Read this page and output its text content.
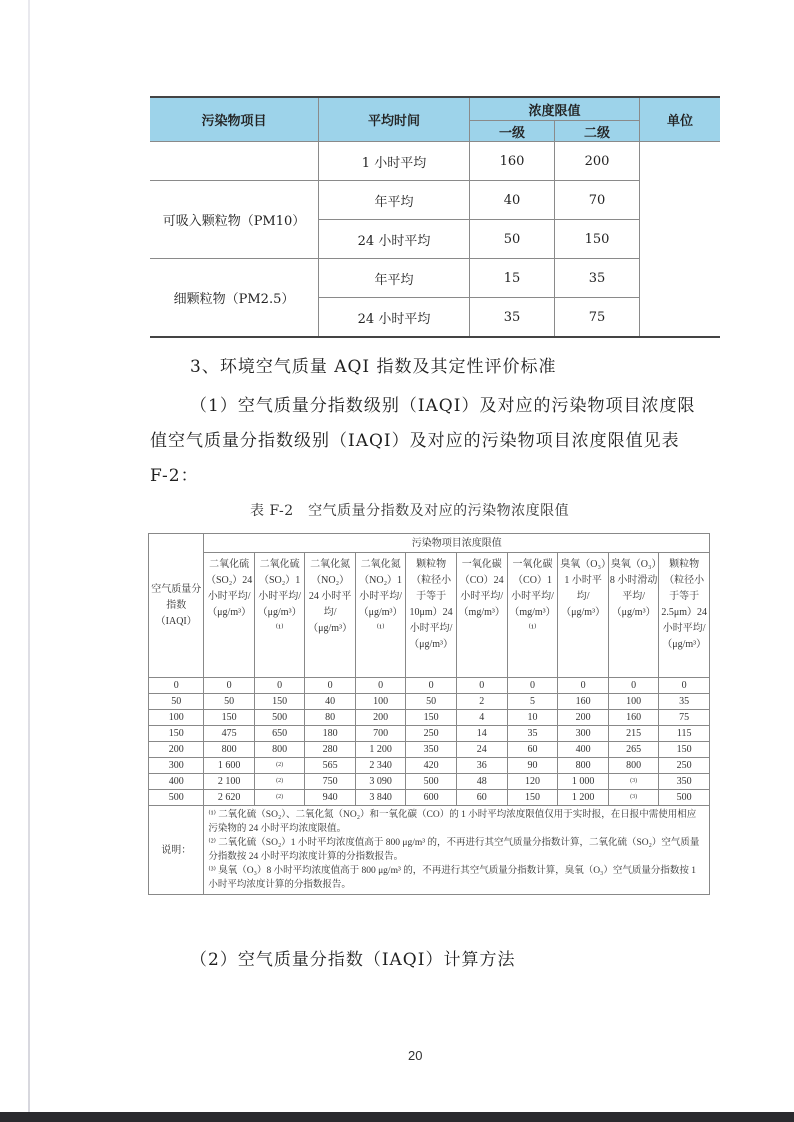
污染物项目	平均时间	浓度限值		单位
		一级	二级	
	1 小时平均	160	200	
可吸入颗粒物（PM10）	年平均	40	70	
	24 小时平均	50	150	
细颗粒物（PM2.5）	年平均	15	35	
	24 小时平均	35	75	
3、环境空气质量 AQI 指数及其定性评价标准
（1）空气质量分指数级别（IAQI）及对应的污染物项目浓度限
值空气质量分指数级别（IAQI）及对应的污染物项目浓度限值见表
F-2：
表 F-2　空气质量分指数及对应的污染物浓度限值
空气质量分指数（IAQI）	污染物项目浓度限值									
	二氧化硫（SO₂）24 小时平均/（μg/m³）	二氧化硫（SO₂）1 小时平均/（μg/m³）⁽¹⁾	二氧化氮（NO₂）24 小时平均/（μg/m³）	二氧化氮（NO₂）1 小时平均/（μg/m³）⁽¹⁾	颗粒物（粒径小于等于10μm）24 小时平均/（μg/m³）	一氧化碳（CO）24 小时平均/（mg/m³）	一氧化碳（CO）1 小时平均/（mg/m³）⁽¹⁾	臭氧（O₃）1 小时平均/（μg/m³）	臭氧（O₃）8 小时滑动平均/（μg/m³）	颗粒物（粒径小于等于2.5μm）24 小时平均/（μg/m³）
0	0	0	0	0	0	0	0	0	0	0
50	50	150	40	100	50	2	5	160	100	35
100	150	500	80	200	150	4	10	200	160	75
150	475	650	180	700	250	14	35	300	215	115
200	800	800	280	1 200	350	24	60	400	265	150
300	1 600	(2)	565	2 340	420	36	90	800	800	250
400	2 100	(2)	750	3 090	500	48	120	1 000	(3)	350
500	2 620	(2)	940	3 840	600	60	150	1 200	(3)	500
说明：	⁽¹⁾ 二氧化硫（SO₂）、二氧化氮（NO₂）和一氧化碳（CO）的 1 小时平均浓度限值仅用于实时报，在日报中需使用相应污染物的 24 小时平均浓度限值。
⁽²⁾ 二氧化硫（SO₂）1 小时平均浓度值高于 800 μg/m³ 的，不再进行其空气质量分指数计算，二氧化硫（SO₂）空气质量分指数按 24 小时平均浓度计算的分指数报告。
⁽³⁾ 臭氧（O₃）8 小时平均浓度值高于 800 μg/m³ 的，不再进行其空气质量分指数计算，臭氧（O₃）空气质量分指数按 1 小时平均浓度计算的分指数报告。									
（2）空气质量分指数（IAQI）计算方法
20
